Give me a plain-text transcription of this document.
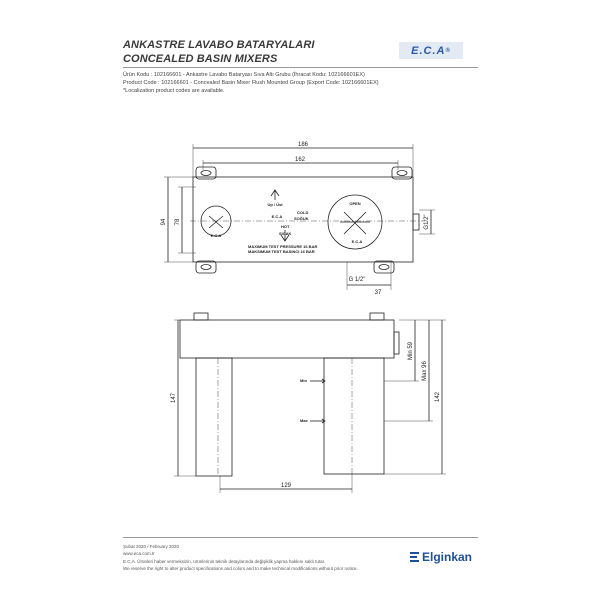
ANKASTRE LAVABO BATARYALARI
CONCEALED BASIN MIXERS
E.C.A ®
Ürün Kodu : 102166601 - Ankastre Lavabo Bataryası Sıva Altı Grubu (İhracat Kodu: 102166601EX)
Product Code : 102166601 - Concealed Basin Mixer Flush Mounted Group (Export Code: 102166601EX)
*Localization product codes are available.
186
162
94 78	G1/2"
G 1/2"
37
Up / Üst
COLD
SOĞUK
HOT
SICAK
OPEN
E.C.A
E.C.A
E.C.A
MAXIMUM TEST PRESSURE 16 BAR
MAKSIMUM TEST BASINCI 16 BAR
Min
Max
Min 59
Max 96
142
147
129
Şubat 2020 / February 2020
www.eca.com.tr
E.C.A. Ürünleri haber vermeksizin, ürünlerinin teknik detaylarında değişiklik yapma hakkını saklı tutar.
We reserve the right to alter product specifications and colors and to make technical modifications without prior notice.
Elginkan
